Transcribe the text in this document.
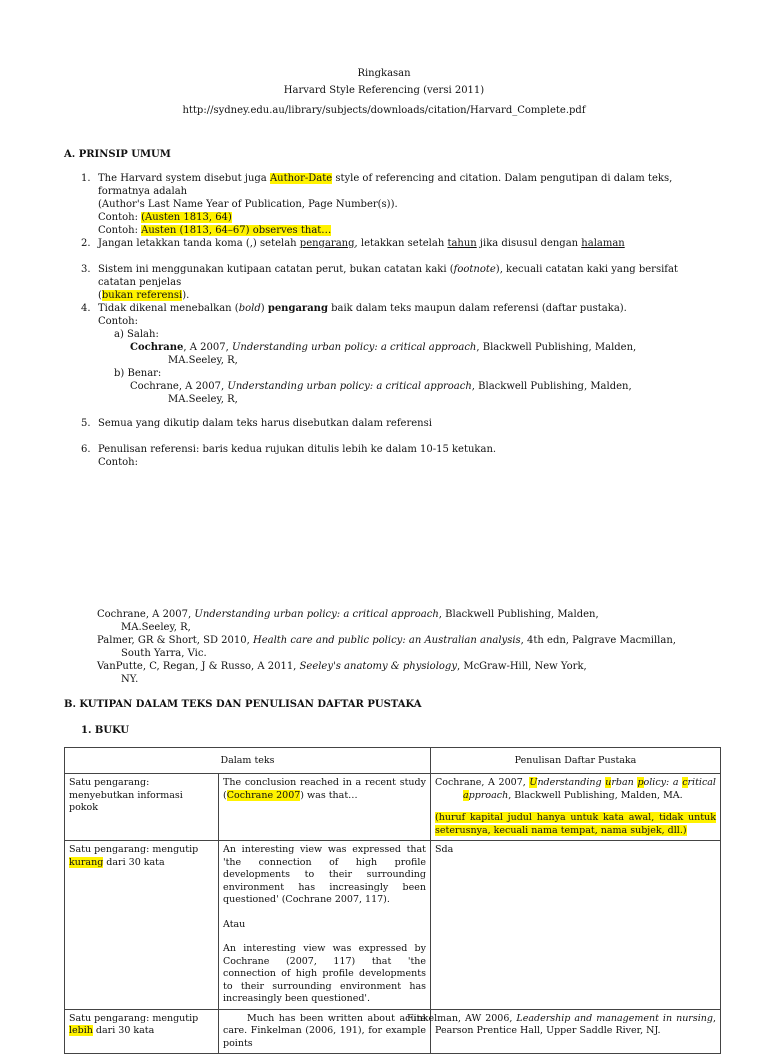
Ringkasan
Harvard Style Referencing (versi 2011)
http://sydney.edu.au/library/subjects/downloads/citation/Harvard_Complete.pdf
A. PRINSIP UMUM
1. The Harvard system disebut juga Author-Date style of referencing and citation. Dalam pengutipan di dalam teks, formatnya adalah
(Author's Last Name Year of Publication, Page Number(s)).
Contoh: (Austen 1813, 64)
Contoh: Austen (1813, 64–67) observes that…
2. Jangan letakkan tanda koma (,) setelah pengarang, letakkan setelah tahun jika disusul dengan halaman
3. Sistem ini menggunakan kutipaan catatan perut, bukan catatan kaki (footnote), kecuali catatan kaki yang bersifat catatan penjelas
(bukan referensi).
4. Tidak dikenal menebalkan (bold) pengarang baik dalam teks maupun dalam referensi (daftar pustaka).
Contoh:
a) Salah:
Cochrane, A 2007, Understanding urban policy: a critical approach, Blackwell Publishing, Malden,
MA.Seeley, R,
b) Benar:
Cochrane, A 2007, Understanding urban policy: a critical approach, Blackwell Publishing, Malden,
MA.Seeley, R,
5. Semua yang dikutip dalam teks harus disebutkan dalam referensi
6. Penulisan referensi: baris kedua rujukan ditulis lebih ke dalam 10-15 ketukan.
Contoh:
Cochrane, A 2007, Understanding urban policy: a critical approach, Blackwell Publishing, Malden,
MA.Seeley, R,
Palmer, GR & Short, SD 2010, Health care and public policy: an Australian analysis, 4th edn, Palgrave Macmillan,
South Yarra, Vic.
VanPutte, C, Regan, J & Russo, A 2011, Seeley's anatomy & physiology, McGraw-Hill, New York,
NY.
B. KUTIPAN DALAM TEKS DAN PENULISAN DAFTAR PUSTAKA
1. BUKU
Dalam teks		Penulisan Daftar Pustaka
Satu pengarang: menyebutkan informasi pokok	The conclusion reached in a recent study (Cochrane 2007) was that…	Cochrane, A 2007, Understanding urban policy: a critical approach, Blackwell Publishing, Malden, MA.
(huruf kapital judul hanya untuk kata awal, tidak untuk seterusnya, kecuali nama tempat, nama subjek, dll.)

Satu pengarang: mengutip kurang dari 30 kata	An interesting view was expressed that 'the connection of high profile developments to their surrounding environment has increasingly been questioned' (Cochrane 2007, 117).
Atau
An interesting view was expressed by Cochrane (2007, 117) that 'the connection of high profile developments to their surrounding environment has increasingly been questioned'.	Sda
Satu pengarang: mengutip lebih dari 30 kata	Much has been written about acute care. Finkelman (2006, 191), for example points	Finkelman, AW 2006, Leadership and management in nursing, Pearson Prentice Hall, Upper Saddle River, NJ.
